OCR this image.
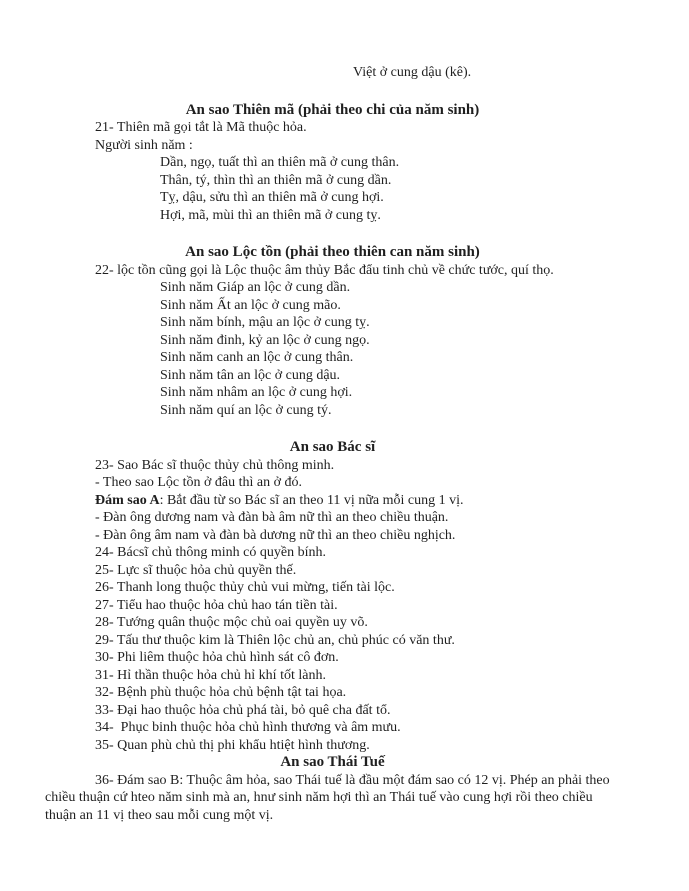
Việt ở cung dậu (kê).

An sao Thiên mã (phải theo chi của năm sinh)

21- Thiên mã gọi tắt là Mã thuộc hỏa.

Người sinh năm :

Dần, ngọ, tuất thì an thiên mã ở cung thân.

Thân, tý, thìn thì an thiên mã ở cung dần.

Tỵ, dậu, sửu thì an thiên mã ở cung hợi.

Hợi, mã, mùi thì an thiên mã ở cung tỵ.

An sao Lộc tồn (phải theo thiên can năm sinh)

22- lộc tồn cũng gọi là Lộc thuộc âm thủy Bắc đẩu tinh chủ về chức tước, quí thọ.

Sinh năm Giáp an lộc ở cung dần.

Sinh năm Ất an lộc ở cung mão.

Sinh năm bính, mậu an lộc ở cung tỵ.

Sinh năm đinh, kỷ an lộc ở cung ngọ.

Sinh năm canh an lộc ở cung thân.

Sinh năm tân an lộc ở cung dậu.

Sinh năm nhâm an lộc ở cung hợi.

Sinh năm quí an lộc ở cung tý.

An sao Bác sĩ

23- Sao Bác sĩ thuộc thủy chủ thông minh.

- Theo sao Lộc tồn ở đâu thì an ở đó.

Đám sao A: Bắt đầu từ so Bác sĩ an theo 11 vị nữa mỗi cung 1 vị.

- Đàn ông dương nam và đàn bà âm nữ thì an theo chiều thuận.

- Đàn ông âm nam và đàn bà dương nữ thì an theo chiều nghịch.

24- Bácsĩ chủ thông minh có quyền bính.

25- Lực sĩ thuộc hỏa chủ quyền thế.

26- Thanh long thuộc thủy chủ vui mừng, tiến tài lộc.

27- Tiểu hao thuộc hỏa chủ hao tán tiền tài.

28- Tướng quân thuộc mộc chủ oai quyền uy võ.

29- Tấu thư thuộc kim là Thiên lộc chủ an, chủ phúc có văn thư.

30- Phi liêm thuộc hỏa chủ hình sát cô đơn.

31- Hỉ thần thuộc hỏa chủ hỉ khí tốt lành.

32- Bệnh phù thuộc hỏa chủ bệnh tật tai họa.

33- Đại hao thuộc hỏa chủ phá tài, bỏ quê cha đất tổ.

34-  Phục binh thuộc hỏa chủ hình thương và âm mưu.

35- Quan phù chủ thị phi khẩu htiệt hình thương.

An sao Thái Tuế

36- Đám sao B: Thuộc âm hỏa, sao Thái tuế là đầu một đám sao có 12 vị. Phép an phải theo chiều thuận cứ hteo năm sinh mà an, hnư sinh năm hợi thì an Thái tuế vào cung hợi rồi theo chiều thuận an 11 vị theo sau mỗi cung một vị.
